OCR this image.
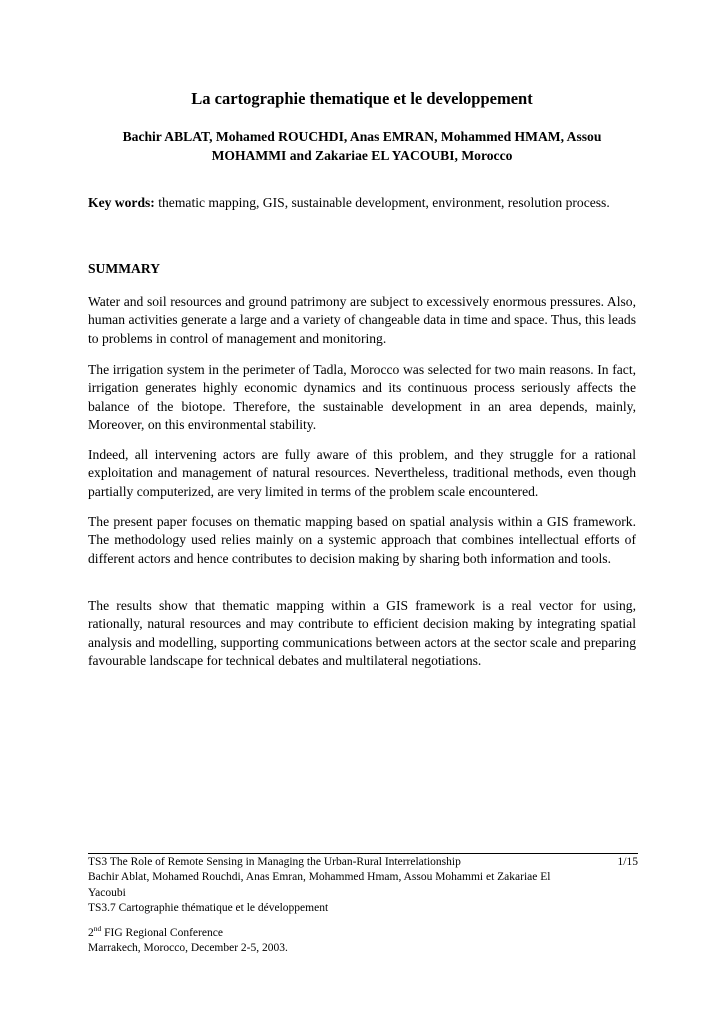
La cartographie thematique et le developpement
Bachir ABLAT, Mohamed ROUCHDI, Anas EMRAN, Mohammed HMAM, Assou
MOHAMMI and Zakariae EL YACOUBI, Morocco

Key words: thematic mapping, GIS, sustainable development, environment, resolution process.

SUMMARY

Water and soil resources and ground patrimony are subject to excessively enormous pressures. Also, human activities generate a large and a variety of changeable data in time and space. Thus, this leads to problems in control of management and monitoring.

The irrigation system in the perimeter of Tadla, Morocco was selected for two main reasons. In fact, irrigation generates highly economic dynamics and its continuous process seriously affects the balance of the biotope. Therefore, the sustainable development in an area depends, mainly, Moreover, on this environmental stability.

Indeed, all intervening actors are fully aware of this problem, and they struggle for a rational exploitation and management of natural resources. Nevertheless, traditional methods, even though partially computerized, are very limited in terms of the problem scale encountered.

The present paper focuses on thematic mapping based on spatial analysis within a GIS framework. The methodology used relies mainly on a systemic approach that combines intellectual efforts of different actors and hence contributes to decision making by sharing both information and tools.

The results show that thematic mapping within a GIS framework is a real vector for using, rationally, natural resources and may contribute to efficient decision making by integrating spatial analysis and modelling, supporting communications between actors at the sector scale and preparing favourable landscape for technical debates and multilateral negotiations.

TS3 The Role of Remote Sensing in Managing the Urban-Rural Interrelationship	1/15
Bachir Ablat, Mohamed Rouchdi, Anas Emran, Mohammed Hmam, Assou Mohammi et Zakariae El Yacoubi
TS3.7 Cartographie thématique et le développement
2nd FIG Regional Conference
Marrakech, Morocco, December 2-5, 2003.
